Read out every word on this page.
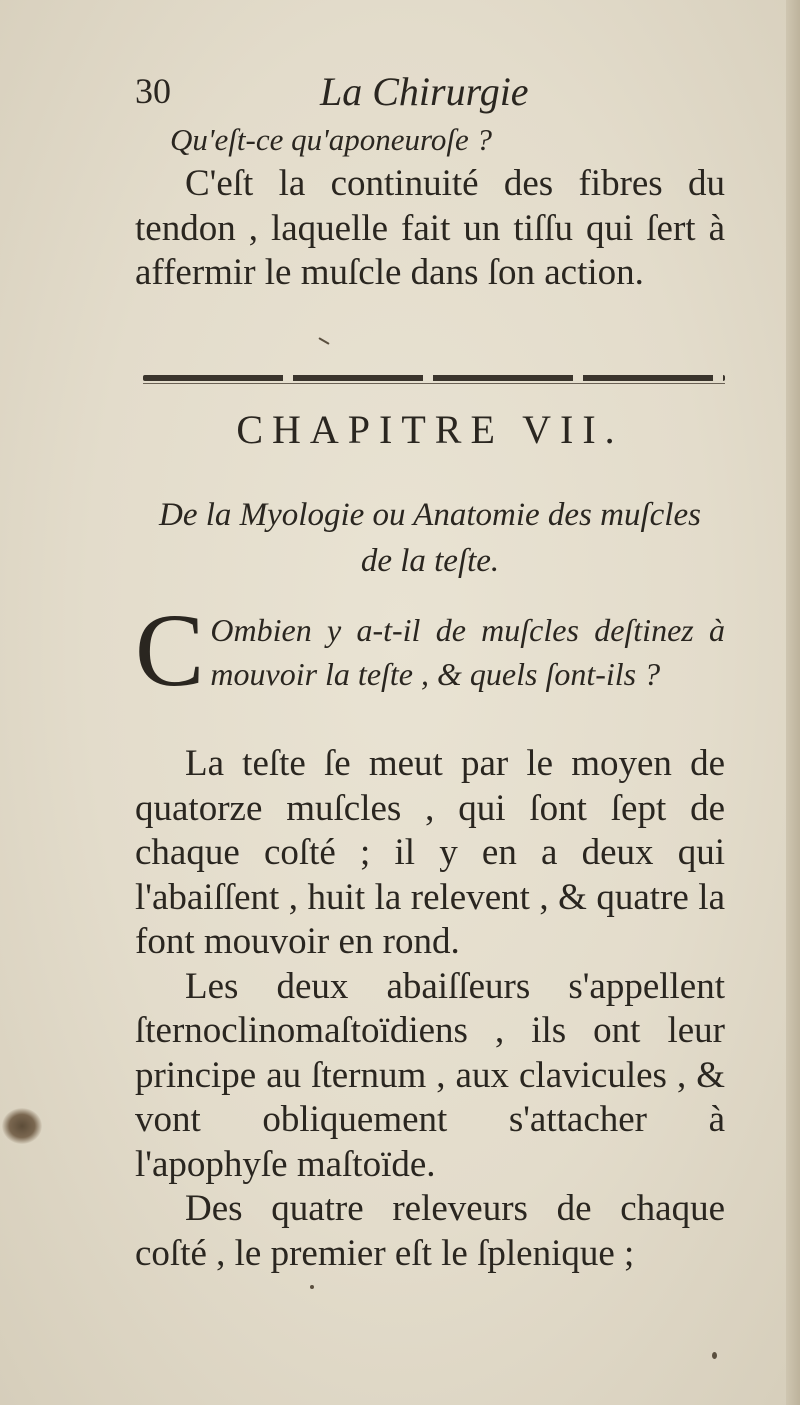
30	La Chirurgie

Qu'eſt-ce qu'aponeuroſe ?

C'eſt la continuité des fibres du tendon , laquelle fait un tiſſu qui ſert à affermir le muſcle dans ſon action.

CHAPITRE VII.
De la Myologie ou Anatomie des muſcles
de la teſte.
C Ombien y a-t-il de muſcles deſtinez à mouvoir la teſte , & quels ſont-ils ?

La teſte ſe meut par le moyen de quatorze muſcles , qui ſont ſept de chaque coſté ; il y en a deux qui l'abaiſſent , huit la relevent , & quatre la font mouvoir en rond.

Les deux abaiſſeurs s'appellent ſternoclinomaſtoïdiens , ils ont leur principe au ſternum , aux clavicules , & vont obliquement s'attacher à l'apophyſe maſtoïde.

Des quatre releveurs de chaque coſté , le premier eſt le ſplenique ;
